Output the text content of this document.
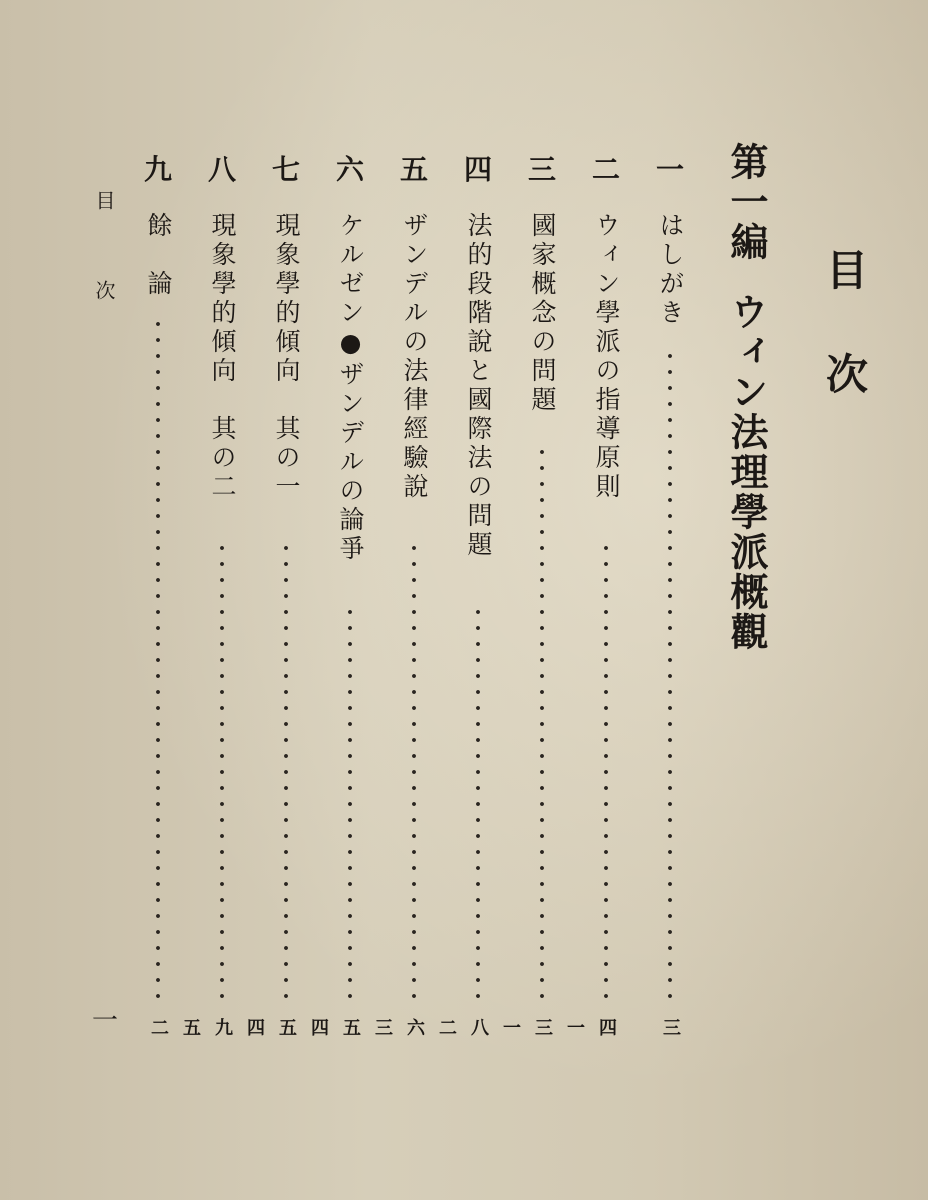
目次
第一編ウィン法理學派概觀
一
はしがき
三
二
ウィン學派の指導原則
四
三
國家概念の問題
一三
四
法的段階說と國際法の問題
一八
五
ザンデルの法律經驗說
二六
六
ケルゼン●ザンデルの論爭
三五
七
現象學的傾向　其の一
四五
八
現象學的傾向　其の二
四九
九
餘　論
五二
目次
一
